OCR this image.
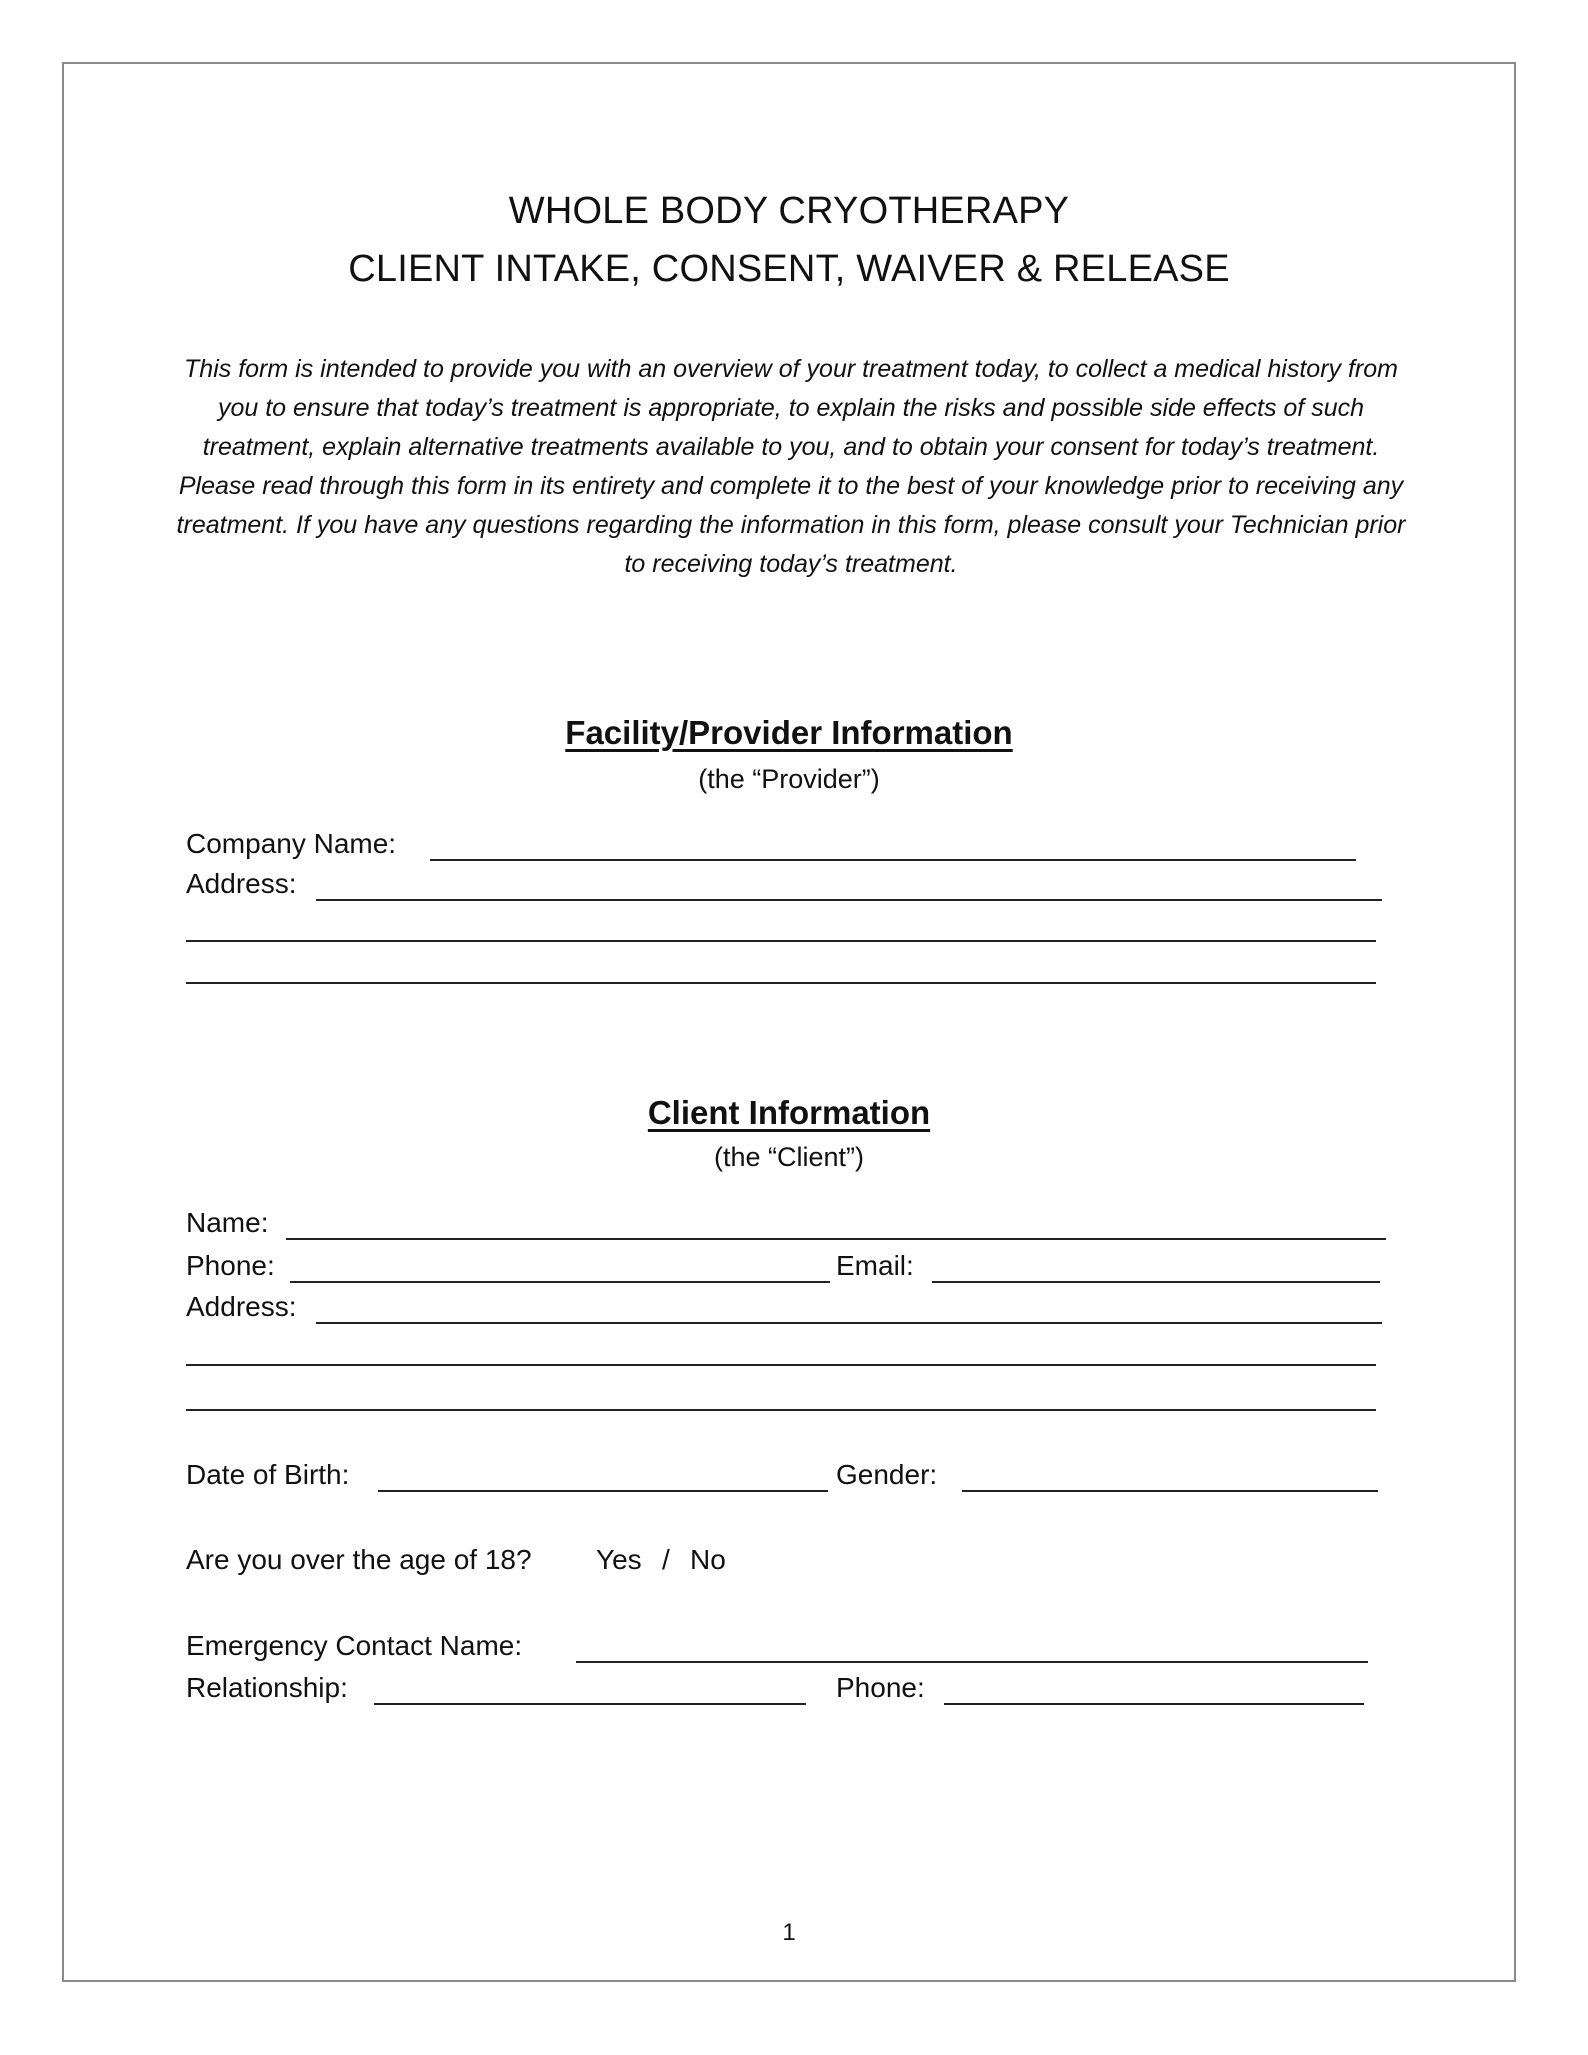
WHOLE BODY CRYOTHERAPY
CLIENT INTAKE, CONSENT, WAIVER & RELEASE

This form is intended to provide you with an overview of your treatment today, to collect a medical history from you to ensure that today’s treatment is appropriate, to explain the risks and possible side effects of such treatment, explain alternative treatments available to you, and to obtain your consent for today’s treatment. Please read through this form in its entirety and complete it to the best of your knowledge prior to receiving any treatment. If you have any questions regarding the information in this form, please consult your Technician prior to receiving today’s treatment.

Facility/Provider Information
(the “Provider”)
Company Name:
Address:
Client Information
(the “Client”)
Name:
Phone:	Email:
Address:
Date of Birth:	Gender:
Are you over the age of 18? Yes / No
Emergency Contact Name:
Relationship:	Phone:
1
